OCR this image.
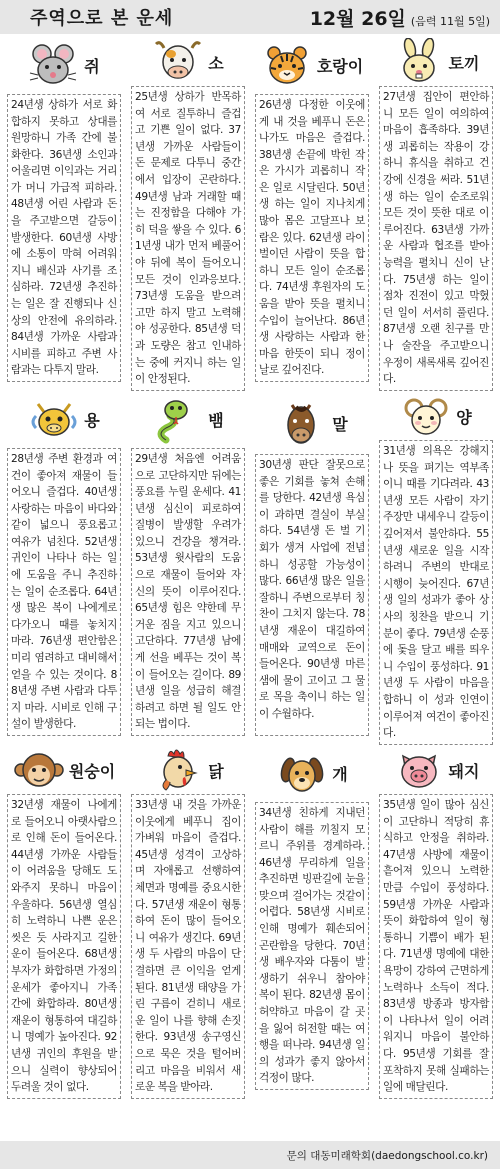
주역으로 본 운세	12월 26일 (음력 11월 5일)
쥐

24년생 상하가 서로 화합하지 못하고 상대를 원망하니 가족 간에 불화한다. 36년생 소인과 어울리면 이익과는 거리가 머니 가급적 피하라. 48년생 어린 사람과 돈을 주고받으면 갈등이 발생한다. 60년생 사방에 소통이 막혀 어려워지니 배신과 사기를 조심하라. 72년생 추진하는 일은 잘 진행되나 신상의 안전에 유의하라. 84년생 가까운 사람과 시비를 피하고 주변 사람과는 다투지 말라.

소

25년생 상하가 반목하여 서로 질투하니 즐겁고 기쁜 일이 없다. 37년생 가까운 사람들이 돈 문제로 다투니 중간에서 입장이 곤란하다. 49년생 남과 거래할 때는 진정함을 다해야 가히 덕을 쌓을 수 있다. 61년생 내가 먼저 베풀어야 뒤에 복이 들어오니 모든 것이 인과응보다. 73년생 도움을 받으려고만 하지 말고 노력해야 성공한다. 85년생 덕과 도량은 참고 인내하는 중에 커지니 하는 일이 안정된다.

호랑이

26년생 다정한 이웃에게 내 것을 베푸니 돈은 나가도 마음은 즐겁다. 38년생 손끝에 박힌 작은 가시가 괴롭히니 작은 일로 시달린다. 50년생 하는 일이 지나치게 많아 몸은 고달프나 보람은 있다. 62년생 라이벌이던 사람이 뜻을 합하니 모든 일이 순조롭다. 74년생 후원자의 도움을 받아 뜻을 펼치니 수입이 늘어난다. 86년생 사랑하는 사람과 한마음 한뜻이 되니 정이 날로 깊어진다.

토끼

27년생 집안이 편안하니 모든 일이 여의하여 마음이 흡족하다. 39년생 괴롭히는 작용이 강하니 휴식을 취하고 건강에 신경을 써라. 51년생 하는 일이 순조로워 모든 것이 뜻한 대로 이루어진다. 63년생 가까운 사람과 협조를 받아 능력을 펼치니 신이 난다. 75년생 하는 일이 점차 진전이 있고 막혔던 일이 서서히 풀린다. 87년생 오랜 친구를 만나 술잔을 주고받으니 우정이 새록새록 깊어진다.

용

28년생 주변 환경과 여건이 좋아져 재물이 들어오니 즐겁다. 40년생 사랑하는 마음이 바다와 같이 넓으니 풍요롭고 여유가 넘친다. 52년생 귀인이 나타나 하는 일에 도움을 주니 추진하는 일이 순조롭다. 64년생 많은 복이 나에게로 다가오니 때를 놓치지 마라. 76년생 편안함은 미리 염려하고 대비해서 얻을 수 있는 것이다. 88년생 주변 사람과 다투지 마라. 시비로 인해 구설이 발생한다.

뱀

29년생 처음엔 어려움으로 고단하지만 뒤에는 풍요를 누릴 운세다. 41년생 심신이 피로하여 질병이 발생할 우려가 있으니 건강을 챙겨라. 53년생 윗사람의 도움으로 재물이 들어와 자신의 뜻이 이루어진다. 65년생 힘은 약한데 무거운 짐을 지고 있으니 고단하다. 77년생 남에게 선을 베푸는 것이 복이 들어오는 길이다. 89년생 일을 성급히 해결하려고 하면 될 일도 안되는 법이다.

말

30년생 판단 잘못으로 좋은 기회를 놓쳐 손해를 당한다. 42년생 욕심이 과하면 결실이 부실하다. 54년생 돈 벌 기회가 생겨 사업에 전념하니 성공할 가능성이 많다. 66년생 많은 일을 잘하니 주변으로부터 칭찬이 그치지 않는다. 78년생 재운이 대길하여 매매와 교역으로 돈이 들어온다. 90년생 마른 샘에 물이 고이고 그 물로 목을 축이니 하는 일이 수월하다.

양

31년생 의욕은 강해지나 뜻을 펴기는 역부족이니 때를 기다려라. 43년생 모든 사람이 자기주장만 내세우니 갈등이 깊어져서 불안하다. 55년생 새로운 일을 시작하려니 주변의 반대로 시행이 늦어진다. 67년생 일의 성과가 좋아 상사의 칭찬을 받으니 기분이 좋다. 79년생 순풍에 돛을 달고 배를 띄우니 수입이 풍성하다. 91년생 두 사람이 마음을 합하니 이 성과 인연이 이루어져 여건이 좋아진다.

원숭이

32년생 재물이 나에게로 들어오니 아랫사람으로 인해 돈이 들어온다. 44년생 가까운 사람들이 어려움을 당해도 도와주지 못하니 마음이 우울하다. 56년생 열심히 노력하니 나쁜 운은 씻은 듯 사라지고 길한 운이 들어온다. 68년생 부자가 화합하면 가정의 운세가 좋아지니 가족 간에 화합하라. 80년생 재운이 형통하여 대길하니 명예가 높아진다. 92년생 귀인의 후원을 받으니 실력이 향상되어 두려울 것이 없다.

닭

33년생 내 것을 가까운 이웃에게 베푸니 집이 가벼워 마음이 즐겁다. 45년생 성격이 고상하며 자애롭고 선행하여 체면과 명예를 중요시한다. 57년생 재운이 형통하여 돈이 많이 들어오니 여유가 생긴다. 69년생 두 사람의 마음이 단결하면 큰 이익을 얻게 된다. 81년생 태양을 가린 구름이 걷히니 새로운 일이 나를 향해 손짓한다. 93년생 송구영신으로 묵은 것을 털어버리고 마음을 비워서 새로운 복을 받아라.

개

34년생 친하게 지내던 사람이 해를 끼칠지 모르니 주위를 경계하라. 46년생 무리하게 일을 추진하면 빙판길에 눈을 맞으며 걸어가는 것같이 어렵다. 58년생 시비로 인해 명예가 훼손되어 곤란함을 당한다. 70년생 배우자와 다툼이 발생하기 쉬우니 참아야 복이 된다. 82년생 몸이 허약하고 마음이 갈 곳을 잃어 허전할 때는 여행을 떠나라. 94년생 일의 성과가 좋지 않아서 걱정이 많다.

돼지

35년생 일이 많아 심신이 고단하니 적당히 휴식하고 안정을 취하라. 47년생 사방에 재물이 흩어져 있으니 노력한 만큼 수입이 풍성하다. 59년생 가까운 사람과 뜻이 화합하여 일이 형통하니 기쁨이 배가 된다. 71년생 명예에 대한 욕망이 강하여 근면하게 노력하나 소득이 적다. 83년생 방종과 방자함이 나타나서 일이 어려워지니 마음이 불안하다. 95년생 기회를 잘 포착하지 못해 실패하는 일에 매달린다.

문의 대동미래학회(daedongschool.co.kr)
